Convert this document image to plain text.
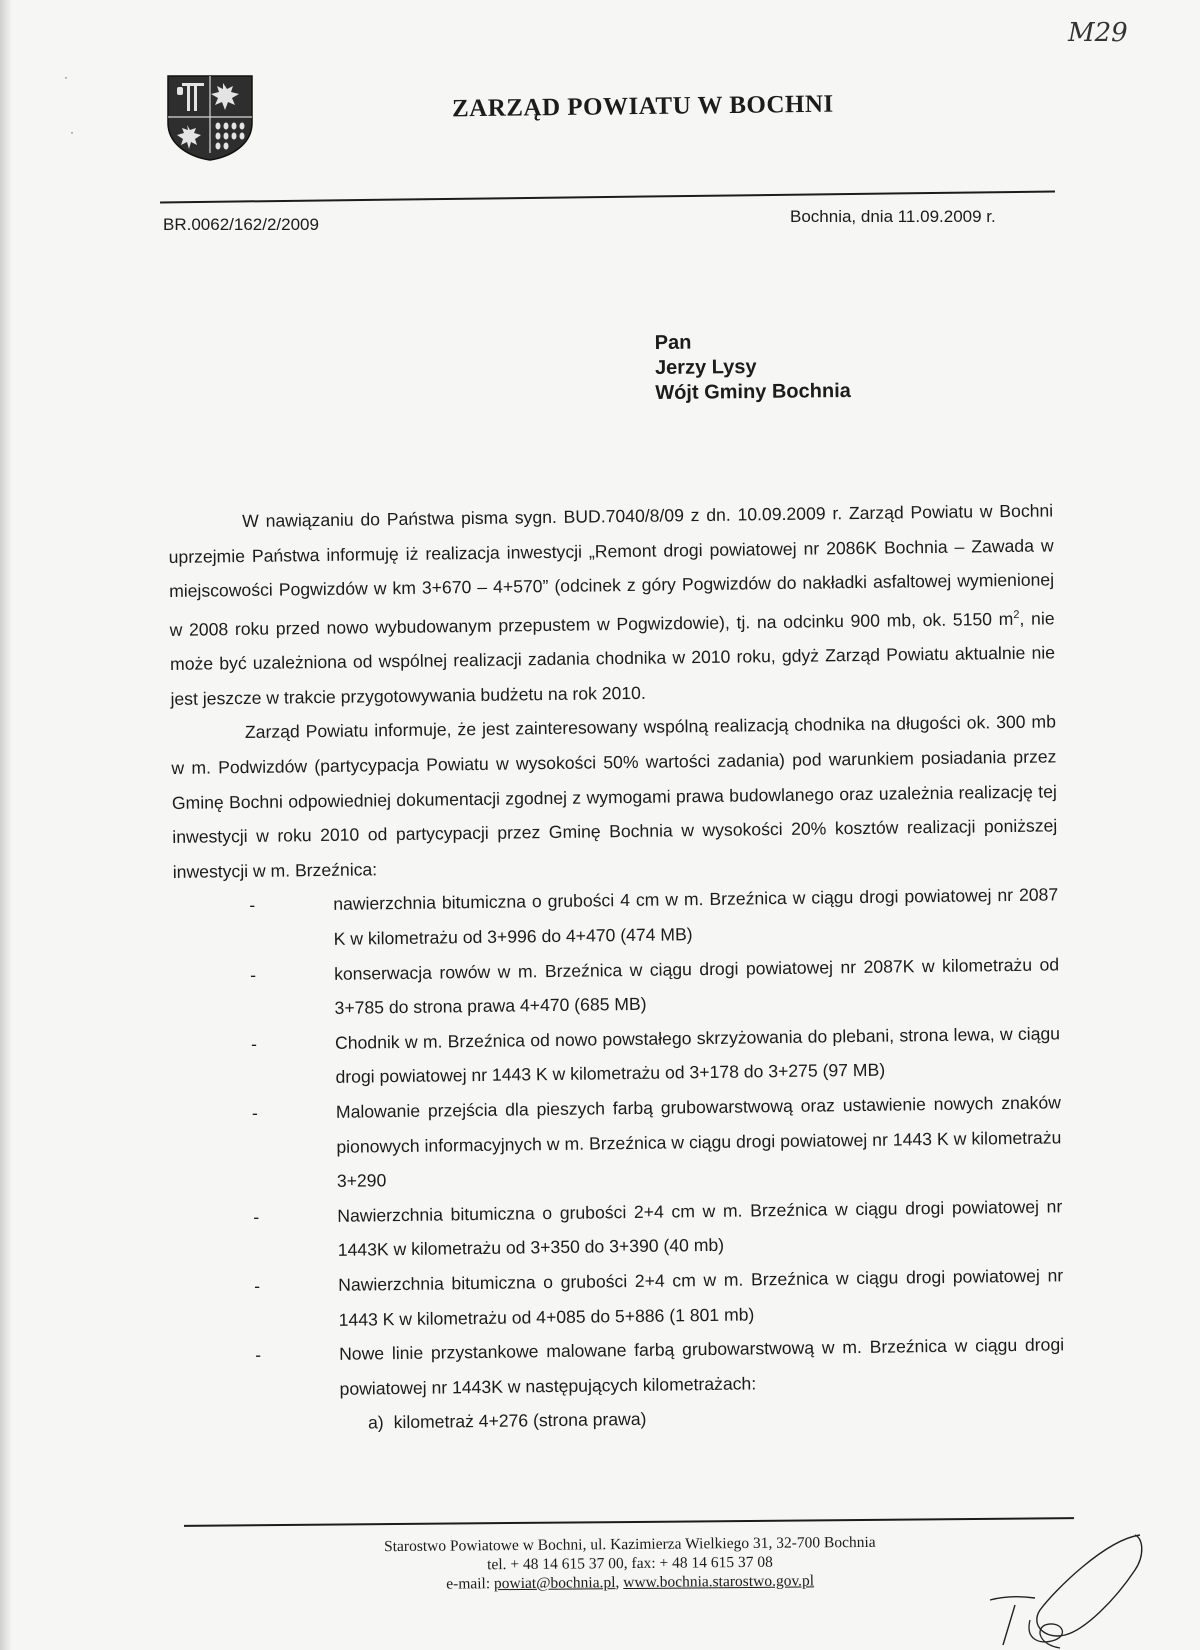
M29
ZARZĄD POWIATU W BOCHNI
BR.0062/162/2/2009	Bochnia, dnia 11.09.2009 r.
Pan
Jerzy Lysy
Wójt Gminy Bochnia

W nawiązaniu do Państwa pisma sygn. BUD.7040/8/09 z dn. 10.09.2009 r. Zarząd Powiatu w Bochni uprzejmie Państwa informuję iż realizacja inwestycji „Remont drogi powiatowej nr 2086K Bochnia – Zawada w miejscowości Pogwizdów w km 3+670 – 4+570” (odcinek z góry Pogwizdów do nakładki asfaltowej wymienionej w 2008 roku przed nowo wybudowanym przepustem w Pogwizdowie), tj. na odcinku 900 mb, ok. 5150 $m^2$, nie może być uzależniona od wspólnej realizacji zadania chodnika w 2010 roku, gdyż Zarząd Powiatu aktualnie nie jest jeszcze w trakcie przygotowywania budżetu na rok 2010.

Zarząd Powiatu informuje, że jest zainteresowany wspólną realizacją chodnika na długości ok. 300 mb w m. Podwizdów (partycypacja Powiatu w wysokości 50% wartości zadania) pod warunkiem posiadania przez Gminę Bochni odpowiedniej dokumentacji zgodnej z wymogami prawa budowlanego oraz uzależnia realizację tej inwestycji w roku 2010 od partycypacji przez Gminę Bochnia w wysokości 20% kosztów realizacji poniższej inwestycji w m. Brzeźnica:

-	nawierzchnia bitumiczna o grubości 4 cm w m. Brzeźnica w ciągu drogi powiatowej nr 2087 K w kilometrażu od 3+996 do 4+470 (474 MB)
-	konserwacja rowów w m. Brzeźnica w ciągu drogi powiatowej nr 2087K w kilometrażu od 3+785 do strona prawa 4+470 (685 MB)
-	Chodnik w m. Brzeźnica od nowo powstałego skrzyżowania do plebani, strona lewa, w ciągu drogi powiatowej nr 1443 K w kilometrażu od 3+178 do 3+275 (97 MB)
-	Malowanie przejścia dla pieszych farbą grubowarstwową oraz ustawienie nowych znaków pionowych informacyjnych w m. Brzeźnica w ciągu drogi powiatowej nr 1443 K w kilometrażu 3+290
-	Nawierzchnia bitumiczna o grubości 2+4 cm w m. Brzeźnica w ciągu drogi powiatowej nr 1443K w kilometrażu od 3+350 do 3+390 (40 mb)
-	Nawierzchnia bitumiczna o grubości 2+4 cm w m. Brzeźnica w ciągu drogi powiatowej nr 1443 K w kilometrażu od 4+085 do 5+886 (1 801 mb)
-	Nowe linie przystankowe malowane farbą grubowarstwową w m. Brzeźnica w ciągu drogi powiatowej nr 1443K w następujących kilometrażach:

a) kilometraż 4+276 (strona prawa)

Starostwo Powiatowe w Bochni, ul. Kazimierza Wielkiego 31, 32-700 Bochnia
tel. + 48 14 615 37 00, fax: + 48 14 615 37 08
e-mail: powiat@bochnia.pl, www.bochnia.starostwo.gov.pl
·
·
